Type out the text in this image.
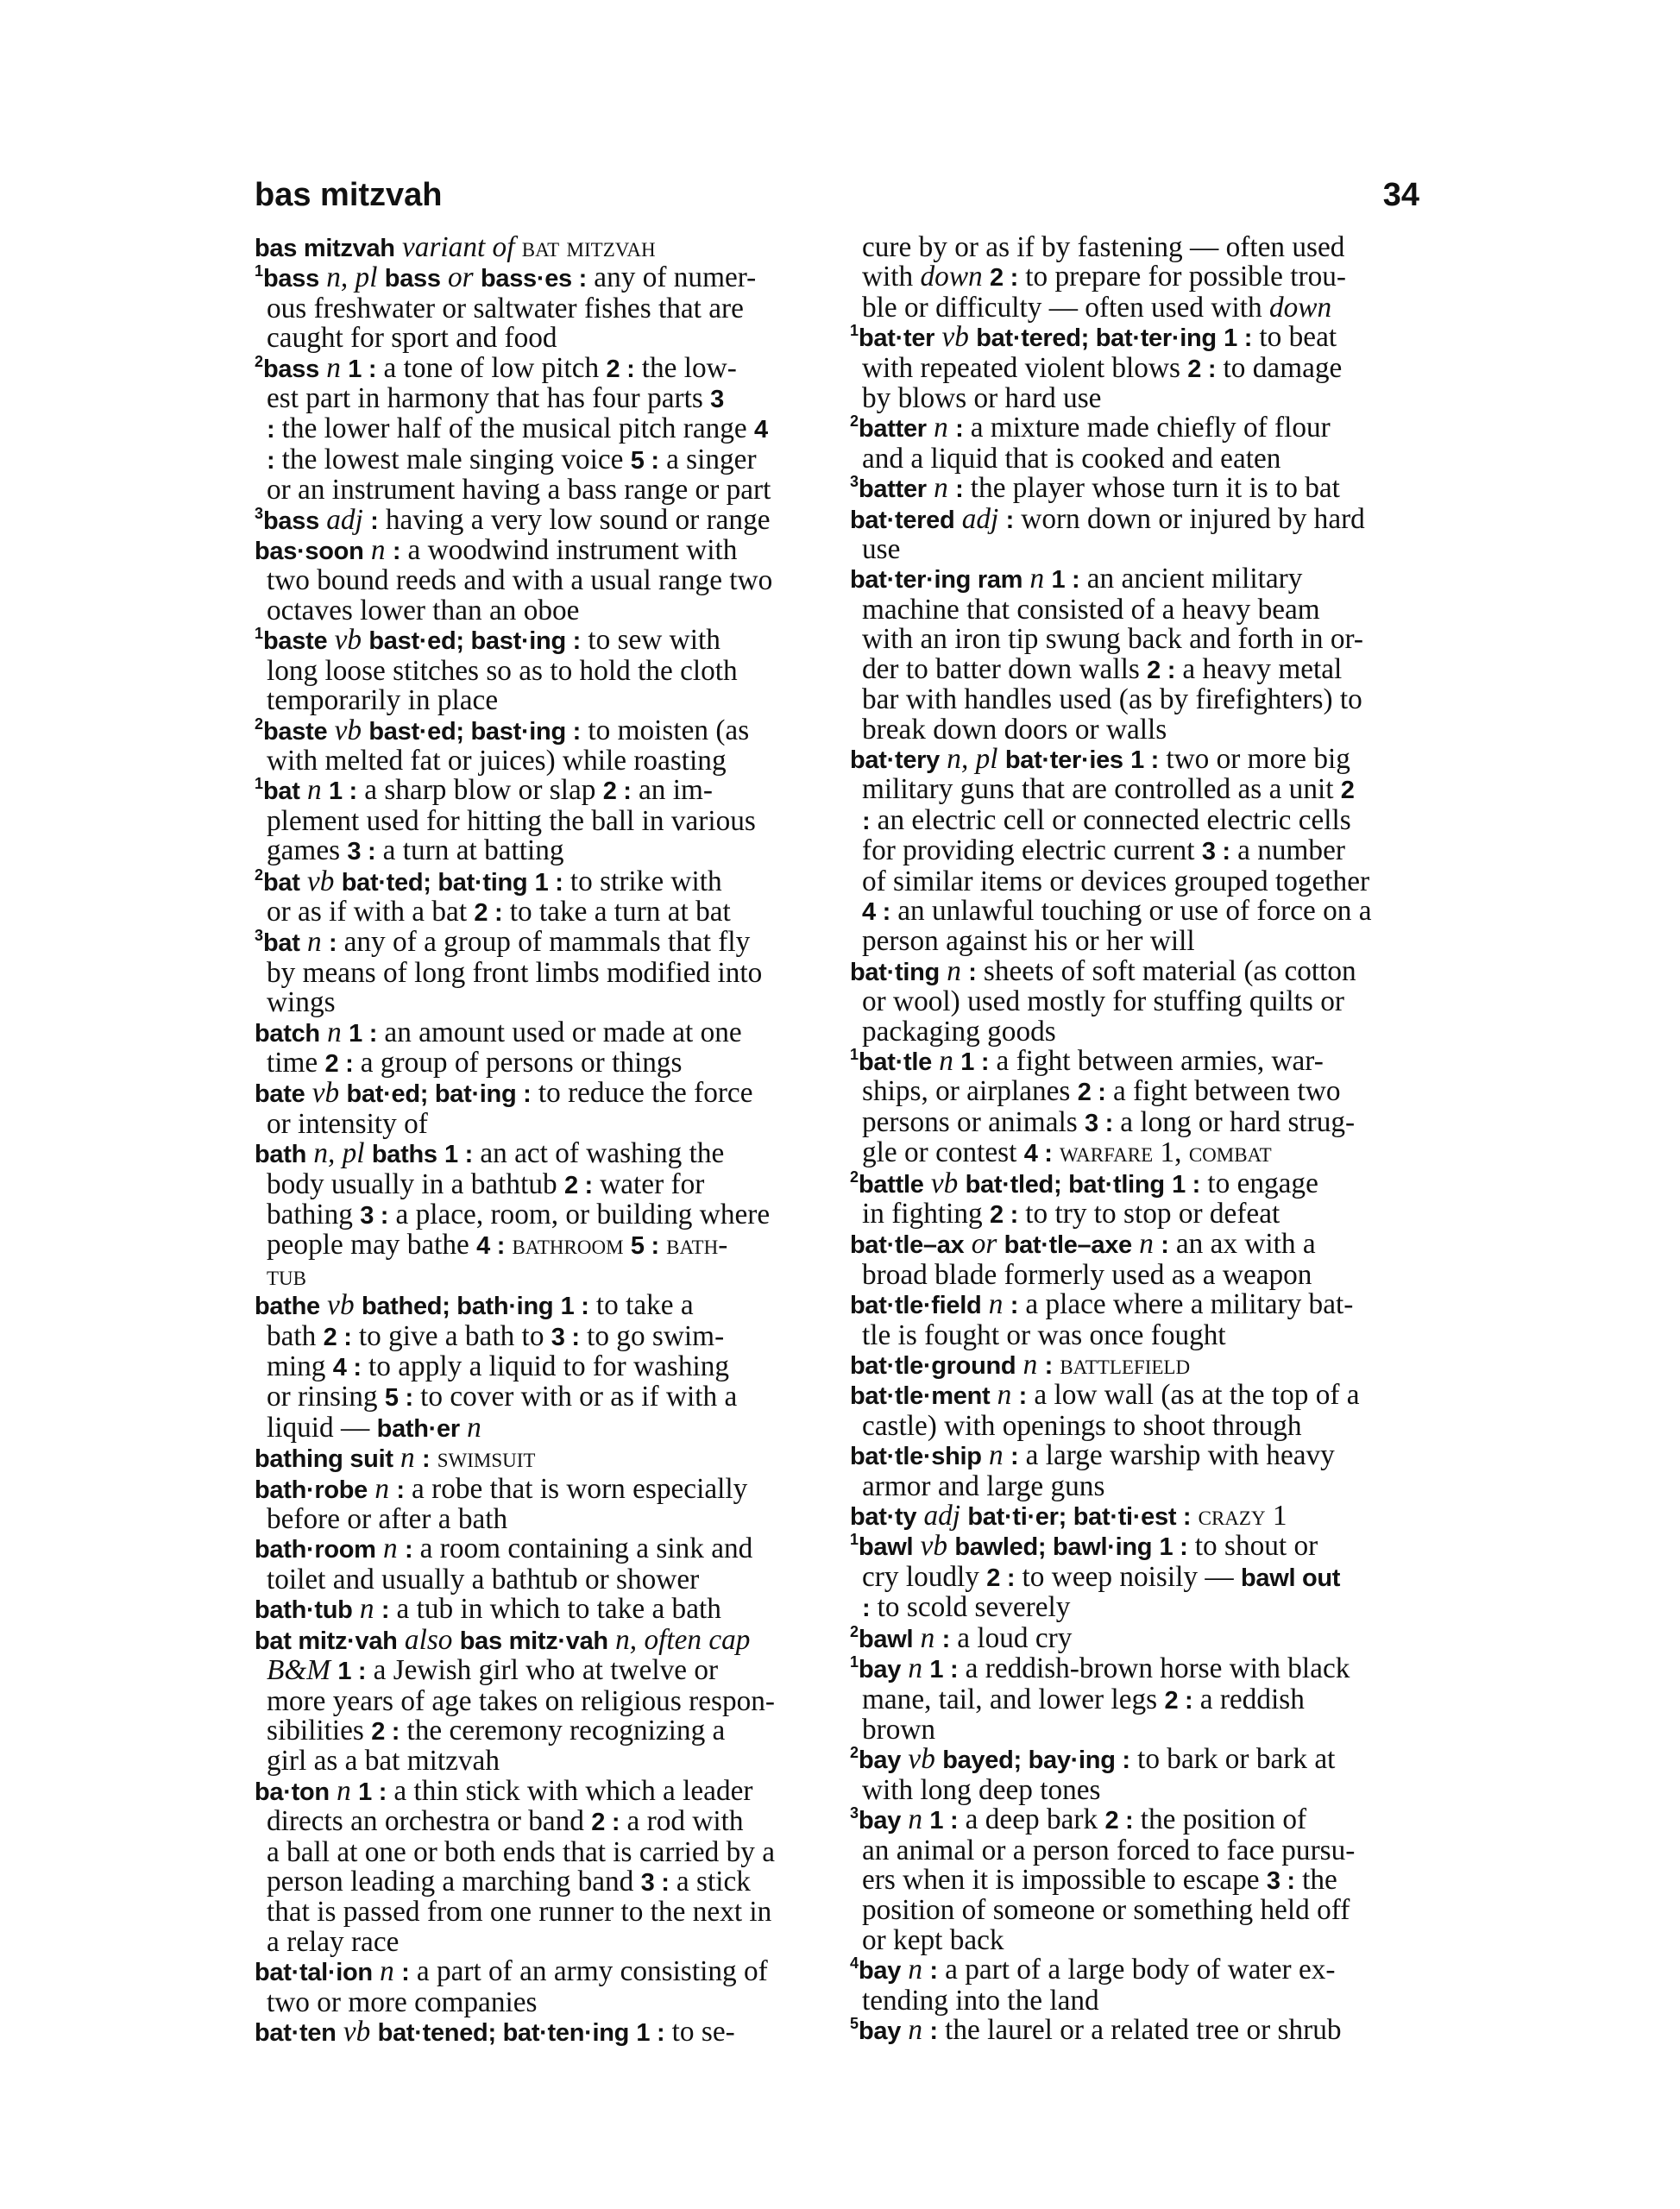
bas mitzvah	34
bas mitzvah variant of bat mitzvah
$^1$bass n, pl bass or bass·es : any of numer-
ous freshwater or saltwater fishes that are
caught for sport and food
$^2$bass n 1 : a tone of low pitch 2 : the low-
est part in harmony that has four parts 3
: the lower half of the musical pitch range 4
: the lowest male singing voice 5 : a singer
or an instrument having a bass range or part
$^3$bass adj : having a very low sound or range
bas·soon n : a woodwind instrument with
two bound reeds and with a usual range two
octaves lower than an oboe
$^1$baste vb bast·ed; bast·ing : to sew with
long loose stitches so as to hold the cloth
temporarily in place
$^2$baste vb bast·ed; bast·ing : to moisten (as
with melted fat or juices) while roasting
$^1$bat n 1 : a sharp blow or slap 2 : an im-
plement used for hitting the ball in various
games 3 : a turn at batting
$^2$bat vb bat·ted; bat·ting 1 : to strike with
or as if with a bat 2 : to take a turn at bat
$^3$bat n : any of a group of mammals that fly
by means of long front limbs modified into
wings
batch n 1 : an amount used or made at one
time 2 : a group of persons or things
bate vb bat·ed; bat·ing : to reduce the force
or intensity of
bath n, pl baths 1 : an act of washing the
body usually in a bathtub 2 : water for
bathing 3 : a place, room, or building where
people may bathe 4 : bathroom 5 : bath-
tub
bathe vb bathed; bath·ing 1 : to take a
bath 2 : to give a bath to 3 : to go swim-
ming 4 : to apply a liquid to for washing
or rinsing 5 : to cover with or as if with a
liquid — bath·er n
bathing suit n : swimsuit
bath·robe n : a robe that is worn especially
before or after a bath
bath·room n : a room containing a sink and
toilet and usually a bathtub or shower
bath·tub n : a tub in which to take a bath
bat mitz·vah also bas mitz·vah n, often cap
B&M 1 : a Jewish girl who at twelve or
more years of age takes on religious respon-
sibilities 2 : the ceremony recognizing a
girl as a bat mitzvah
ba·ton n 1 : a thin stick with which a leader
directs an orchestra or band 2 : a rod with
a ball at one or both ends that is carried by a
person leading a marching band 3 : a stick
that is passed from one runner to the next in
a relay race
bat·tal·ion n : a part of an army consisting of
two or more companies
bat·ten vb bat·tened; bat·ten·ing 1 : to se-
cure by or as if by fastening — often used
with down 2 : to prepare for possible trou-
ble or difficulty — often used with down
$^1$bat·ter vb bat·tered; bat·ter·ing 1 : to beat
with repeated violent blows 2 : to damage
by blows or hard use
$^2$batter n : a mixture made chiefly of flour
and a liquid that is cooked and eaten
$^3$batter n : the player whose turn it is to bat
bat·tered adj : worn down or injured by hard
use
bat·ter·ing ram n 1 : an ancient military
machine that consisted of a heavy beam
with an iron tip swung back and forth in or-
der to batter down walls 2 : a heavy metal
bar with handles used (as by firefighters) to
break down doors or walls
bat·tery n, pl bat·ter·ies 1 : two or more big
military guns that are controlled as a unit 2
: an electric cell or connected electric cells
for providing electric current 3 : a number
of similar items or devices grouped together
4 : an unlawful touching or use of force on a
person against his or her will
bat·ting n : sheets of soft material (as cotton
or wool) used mostly for stuffing quilts or
packaging goods
$^1$bat·tle n 1 : a fight between armies, war-
ships, or airplanes 2 : a fight between two
persons or animals 3 : a long or hard strug-
gle or contest 4 : warfare 1, combat
$^2$battle vb bat·tled; bat·tling 1 : to engage
in fighting 2 : to try to stop or defeat
bat·tle–ax or bat·tle–axe n : an ax with a
broad blade formerly used as a weapon
bat·tle·field n : a place where a military bat-
tle is fought or was once fought
bat·tle·ground n : battlefield
bat·tle·ment n : a low wall (as at the top of a
castle) with openings to shoot through
bat·tle·ship n : a large warship with heavy
armor and large guns
bat·ty adj bat·ti·er; bat·ti·est : crazy 1
$^1$bawl vb bawled; bawl·ing 1 : to shout or
cry loudly 2 : to weep noisily — bawl out
: to scold severely
$^2$bawl n : a loud cry
$^1$bay n 1 : a reddish-brown horse with black
mane, tail, and lower legs 2 : a reddish
brown
$^2$bay vb bayed; bay·ing : to bark or bark at
with long deep tones
$^3$bay n 1 : a deep bark 2 : the position of
an animal or a person forced to face pursu-
ers when it is impossible to escape 3 : the
position of someone or something held off
or kept back
$^4$bay n : a part of a large body of water ex-
tending into the land
$^5$bay n : the laurel or a related tree or shrub
